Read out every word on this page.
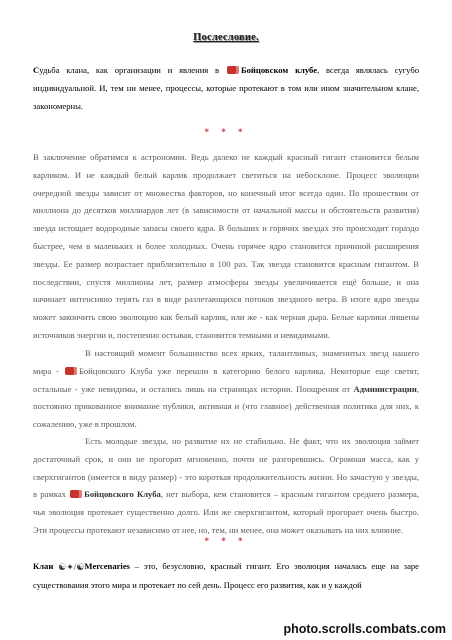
Послесловие.
Судьба клана, как организации и явления в	Бойцовском клубе, всегда являлась сугубо индивидуальной. И, тем ни менее, процессы, которые протекают в том или ином значительном клане, закономерны.
* * *
В заключение обратимся к астрономии. Ведь далеко не каждый красный гигант становится белым карликом. И не каждый белый карлик продолжает светиться на небосклоне. Процесс эволюции очередной звезды зависит от множества факторов, но конечный итог всегда один. По прошествии от миллиона до десятков миллиардов лет (в зависимости от начальной массы и обстоятельств развития) звезда истощает водородные запасы своего ядра. В больших и горячих звездах это происходит гораздо быстрее, чем в маленьких и более холодных. Очень горячее ядро становится причиной расширения звезды. Ее размер возрастает приблизительно в 100 раз. Так звезда становится красным гигантом. В последствии, спустя миллионы лет, размер атмосферы звезды увеличивается ещё больше, и она начинает интенсивно терять газ в виде разлетающихся потоков звездного ветра. В итоге ядро звезды может закончить свою эволюцию как белый карлик, или же - как черная дыра. Белые карлики лишены источников энергии и, постепенно остывая, становится темными и невидимыми.
В настоящий момент большинство всех ярких, талантливых, знаменитых звезд нашего мира - Бойцовского Клуба уже перешли в категорию белого карлика. Некоторые еще светят, остальные - уже невидимы, и остались лишь на страницах истории. Поощрения от Администрации, постоянно прикованное внимание публики, активная и (что главное) действенная политика для них, к сожалению, уже в прошлом.
Есть молодые звезды, но развитие их не стабильно. Не факт, что их эволюция займет достаточный срок, и они не прогорят мгновенно, почти не разгоревшись. Огромная масса, как у сверхгигантов (имеется в виду размер) - это короткая продолжительность жизни. Но зачастую у звезды, в рамках Бойцовского Клуба, нет выбора, кем становится – красным гигантом среднего размера, чья эволюция протекает существенно долго. Или же сверхгигантом, который прогорает очень быстро. Эти процессы протекают независимо от нее, но, тем, ни менее, она может оказывать на них влияние.
* * *
Клан ☯✦/☯Mercenaries – это, безусловно, красный гигант. Его эволюция началась еще на заре существования этого мира и протекает по сей день. Процесс его развития, как и у каждой
photo.scrolls.combats.com
